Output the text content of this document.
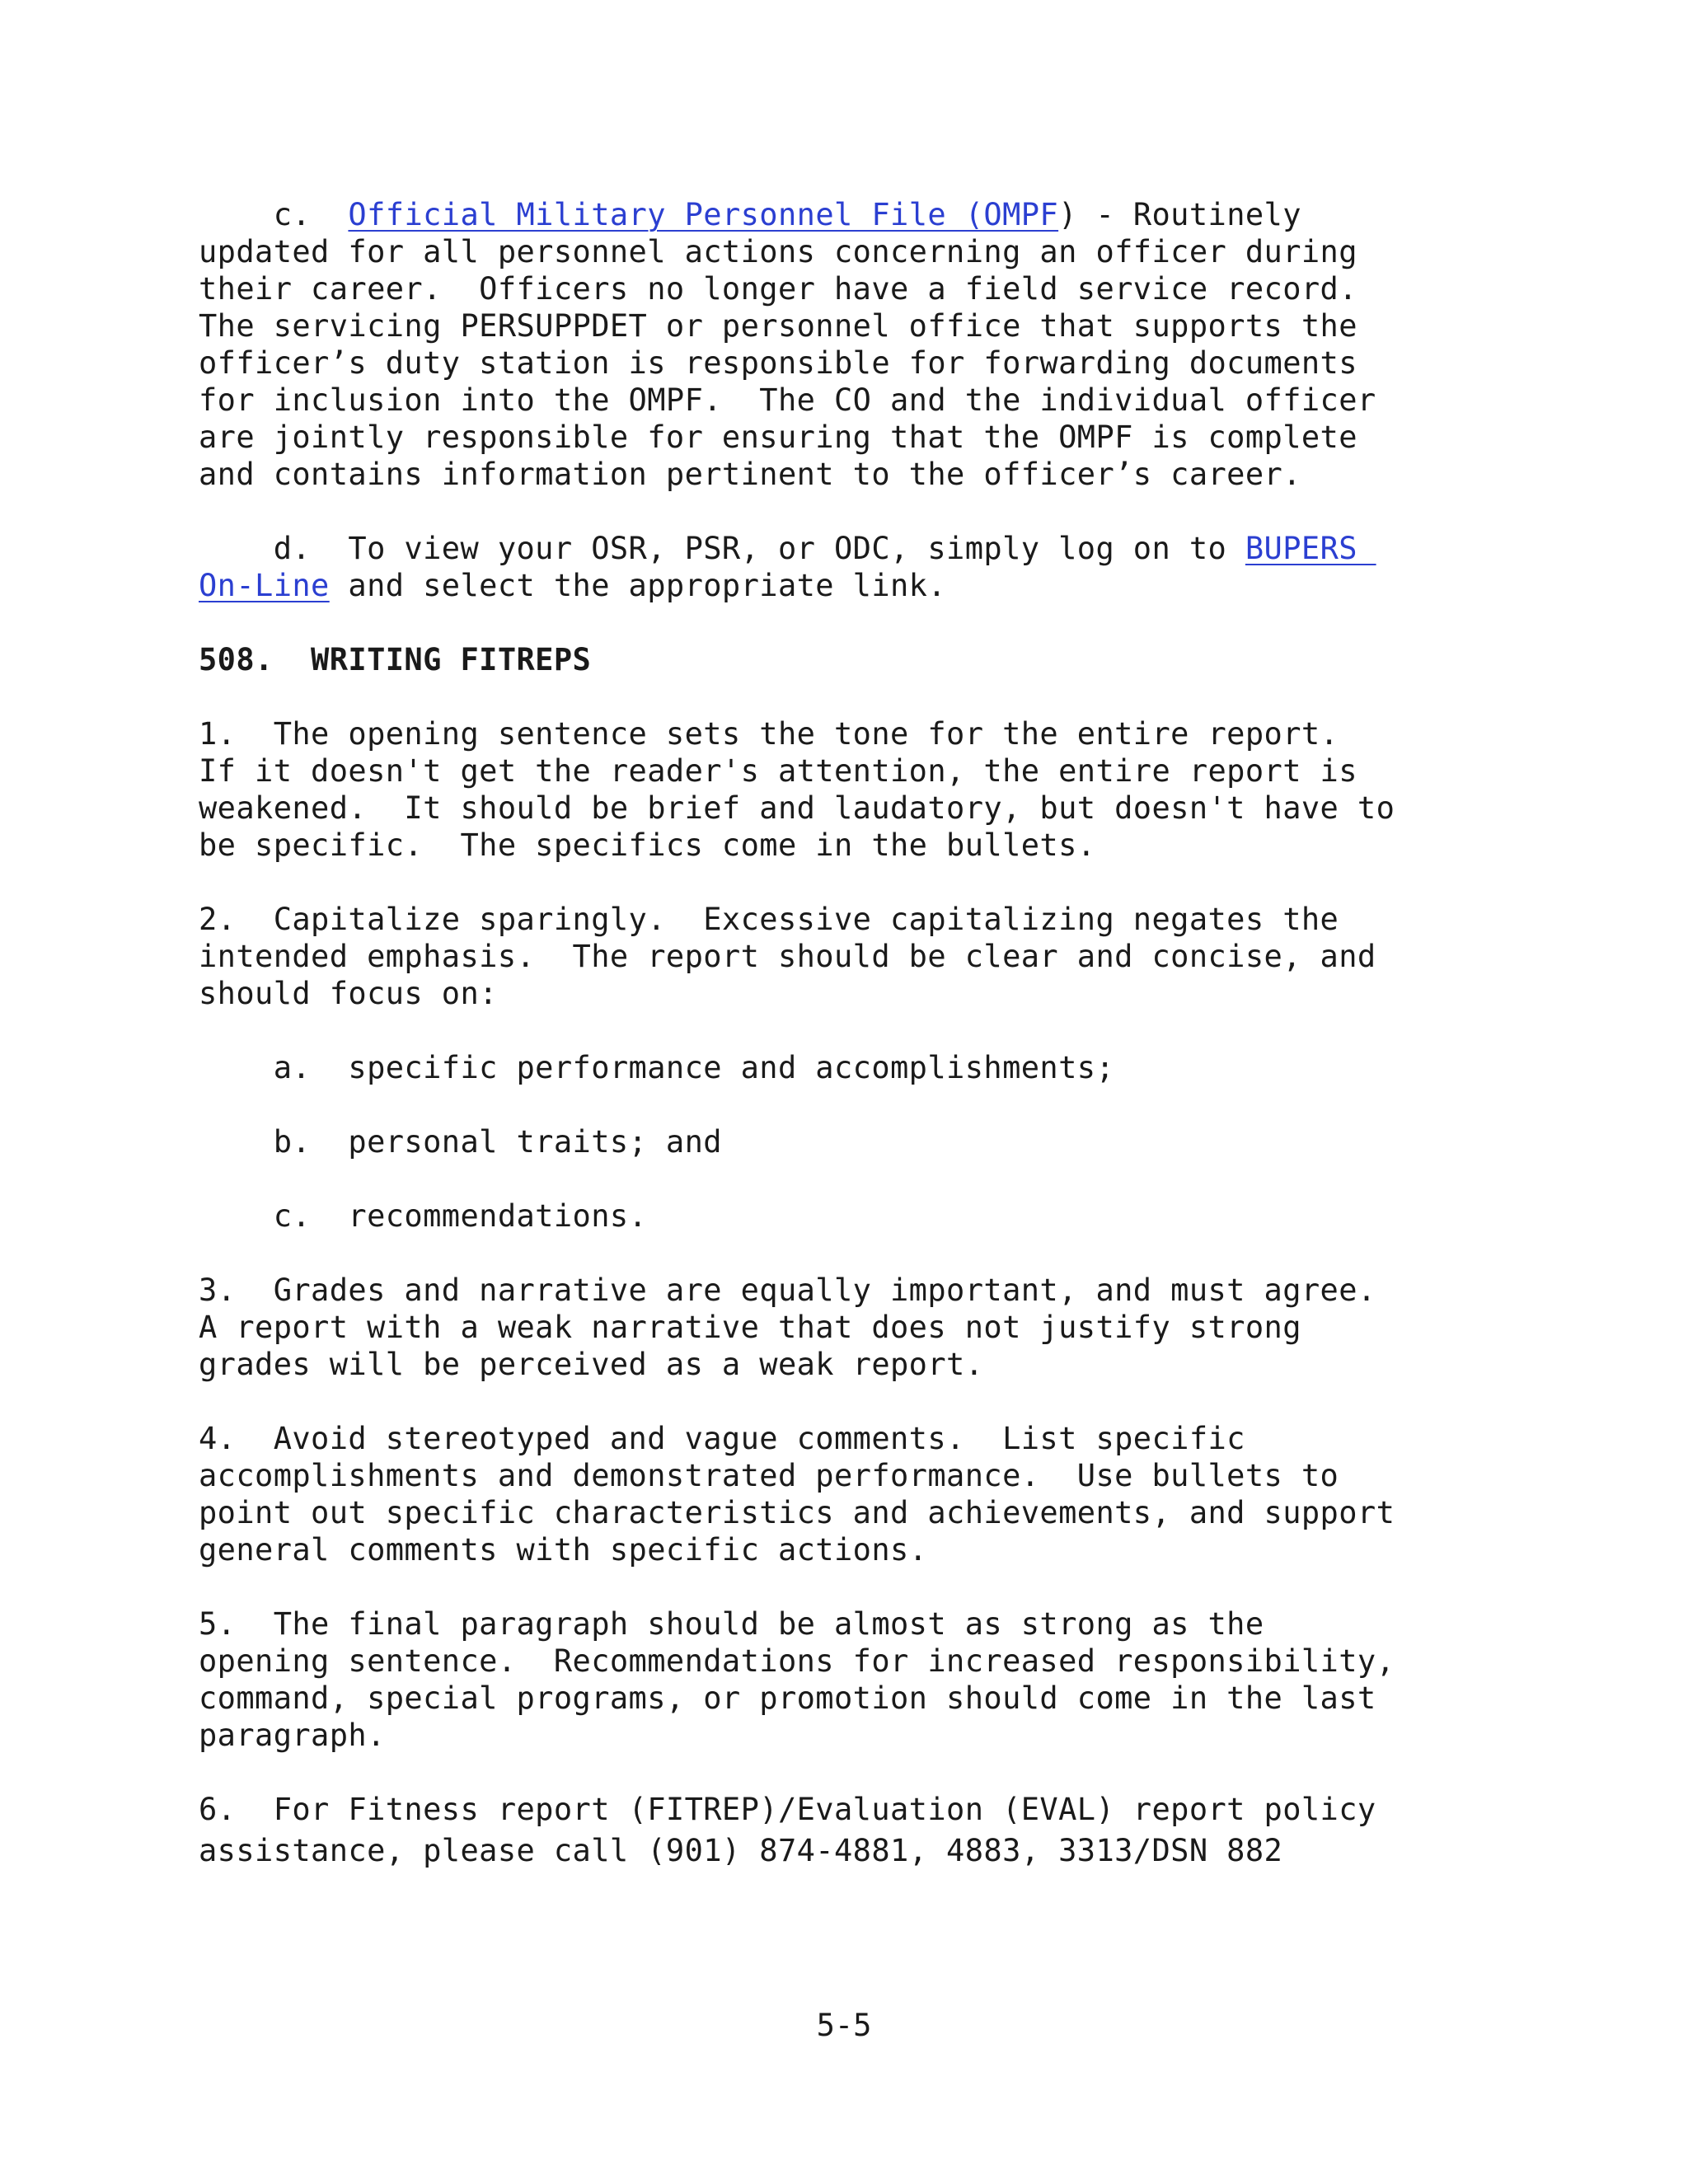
c.  Official Military Personnel File (OMPF) - Routinely
updated for all personnel actions concerning an officer during
their career.  Officers no longer have a field service record.
The servicing PERSUPPDET or personnel office that supports the
officer’s duty station is responsible for forwarding documents
for inclusion into the OMPF.  The CO and the individual officer
are jointly responsible for ensuring that the OMPF is complete
and contains information pertinent to the officer’s career.
d.  To view your OSR, PSR, or ODC, simply log on to BUPERS
On-Line and select the appropriate link.
508.  WRITING FITREPS
1.  The opening sentence sets the tone for the entire report.
If it doesn't get the reader's attention, the entire report is
weakened.  It should be brief and laudatory, but doesn't have to
be specific.  The specifics come in the bullets.
2.  Capitalize sparingly.  Excessive capitalizing negates the
intended emphasis.  The report should be clear and concise, and
should focus on:
a.  specific performance and accomplishments;
b.  personal traits; and
c.  recommendations.
3.  Grades and narrative are equally important, and must agree.
A report with a weak narrative that does not justify strong
grades will be perceived as a weak report.
4.  Avoid stereotyped and vague comments.  List specific
accomplishments and demonstrated performance.  Use bullets to
point out specific characteristics and achievements, and support
general comments with specific actions.
5.  The final paragraph should be almost as strong as the
opening sentence.  Recommendations for increased responsibility,
command, special programs, or promotion should come in the last
paragraph.
6.  For Fitness report (FITREP)/Evaluation (EVAL) report policy
assistance, please call (901) 874-4881, 4883, 3313/DSN 882
5-5
